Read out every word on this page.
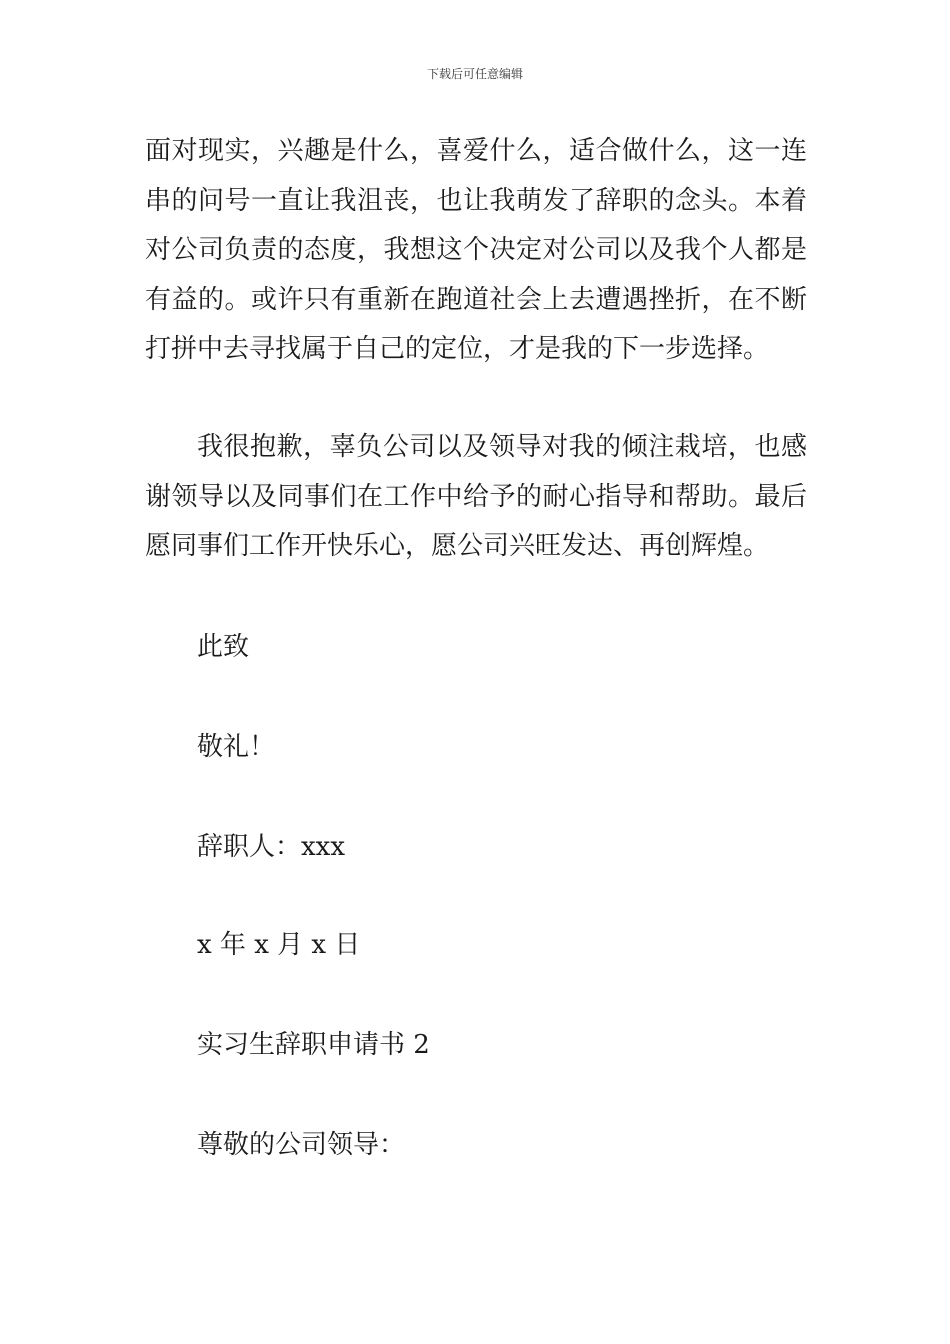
下载后可任意编辑
面对现实，兴趣是什么，喜爱什么，适合做什么，这一连
串的问号一直让我沮丧，也让我萌发了辞职的念头。本着
对公司负责的态度，我想这个决定对公司以及我个人都是
有益的。或许只有重新在跑道社会上去遭遇挫折，在不断
打拼中去寻找属于自己的定位，才是我的下一步选择。
我很抱歉，辜负公司以及领导对我的倾注栽培，也感
谢领导以及同事们在工作中给予的耐心指导和帮助。最后
愿同事们工作开快乐心，愿公司兴旺发达、再创辉煌。
此致
敬礼！
辞职人：xxx
x 年 x 月 x 日
实习生辞职申请书 2
尊敬的公司领导：
